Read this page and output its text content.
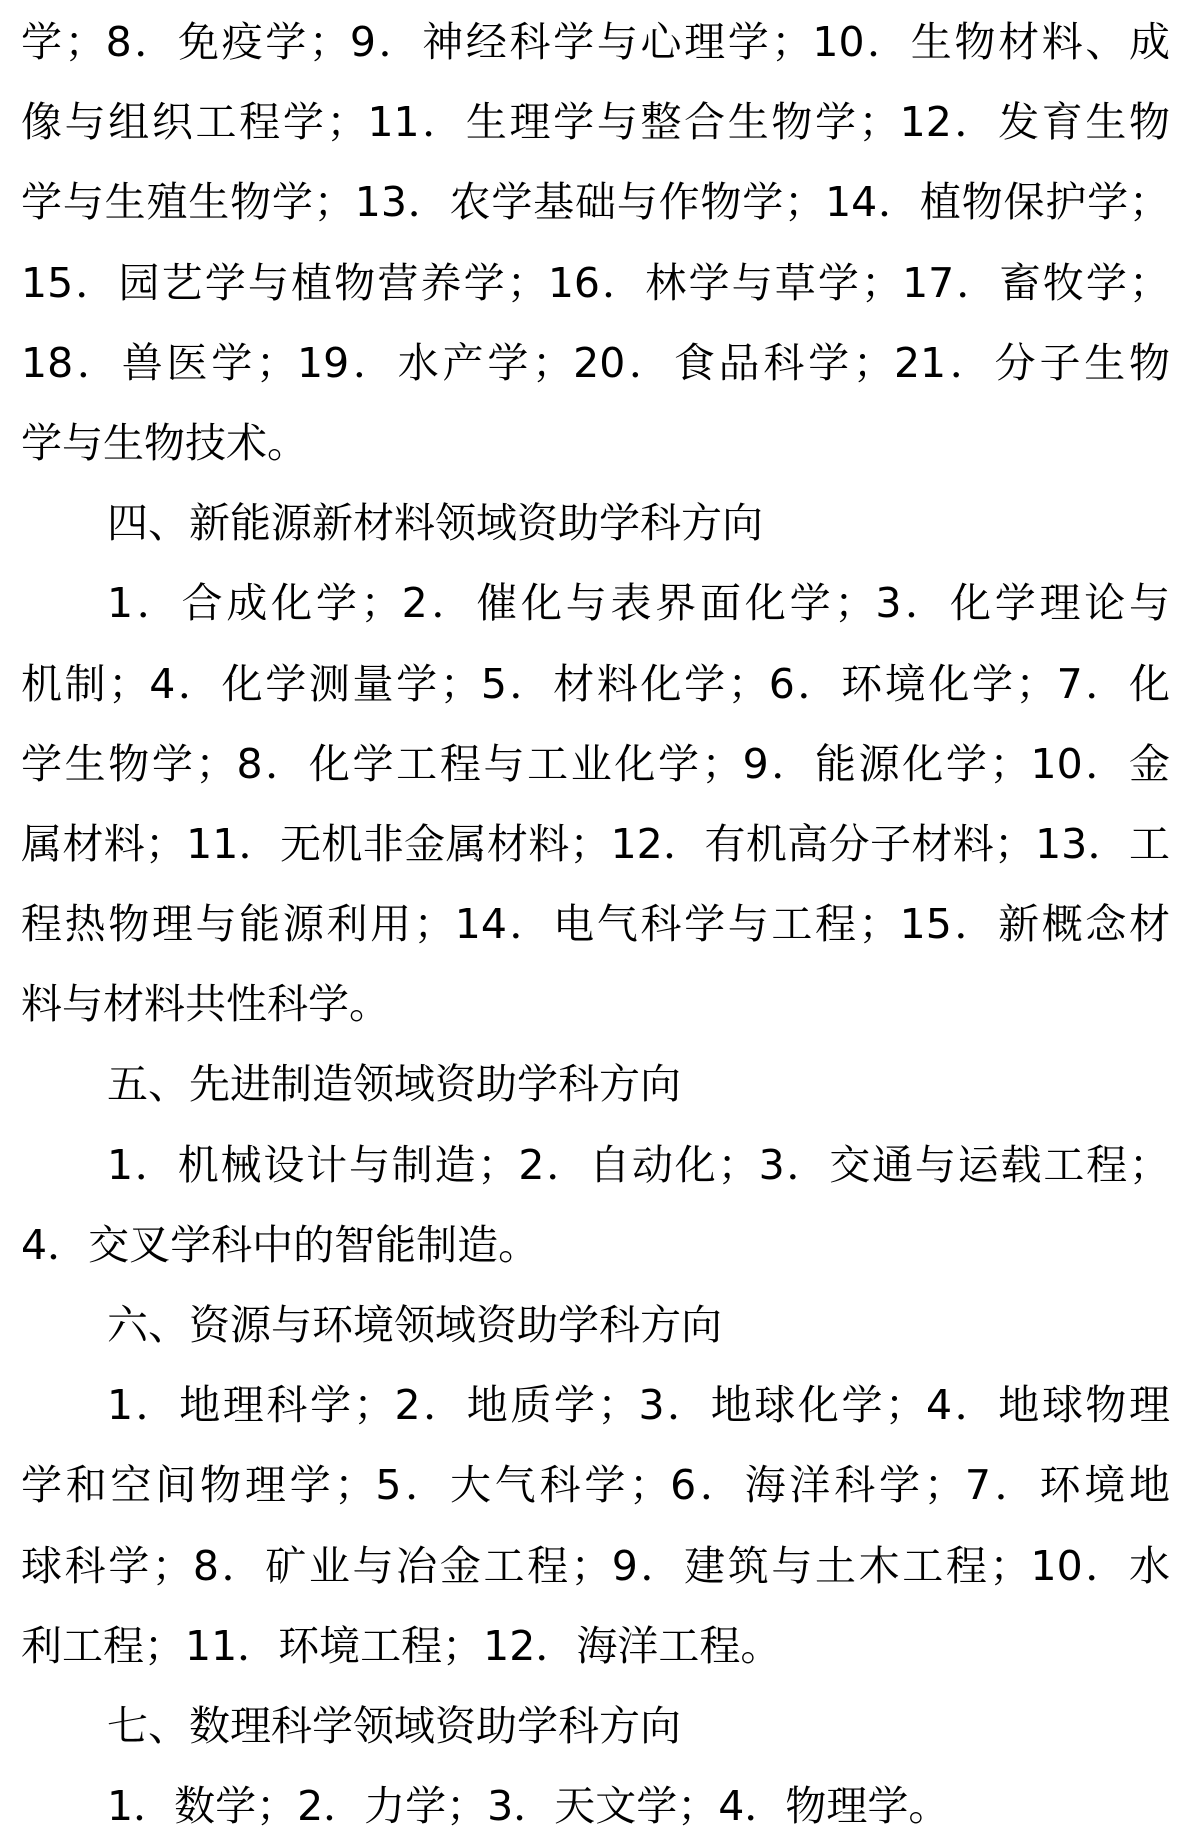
学；8．免疫学；9．神经科学与心理学；10．生物材料、成
像与组织工程学；11．生理学与整合生物学；12．发育生物
学与生殖生物学；13．农学基础与作物学；14．植物保护学；
15．园艺学与植物营养学；16．林学与草学；17．畜牧学；
18．兽医学；19．水产学；20．食品科学；21．分子生物
学与生物技术。
四、新能源新材料领域资助学科方向
1．合成化学；2．催化与表界面化学；3．化学理论与
机制；4．化学测量学；5．材料化学；6．环境化学；7．化
学生物学；8．化学工程与工业化学；9．能源化学；10．金
属材料；11．无机非金属材料；12．有机高分子材料；13．工
程热物理与能源利用；14．电气科学与工程；15．新概念材
料与材料共性科学。
五、先进制造领域资助学科方向
1．机械设计与制造；2．自动化；3．交通与运载工程；
4．交叉学科中的智能制造。
六、资源与环境领域资助学科方向
1．地理科学；2．地质学；3．地球化学；4．地球物理
学和空间物理学；5．大气科学；6．海洋科学；7．环境地
球科学；8．矿业与冶金工程；9．建筑与土木工程；10．水
利工程；11．环境工程；12．海洋工程。
七、数理科学领域资助学科方向
1．数学；2．力学；3．天文学；4．物理学。
